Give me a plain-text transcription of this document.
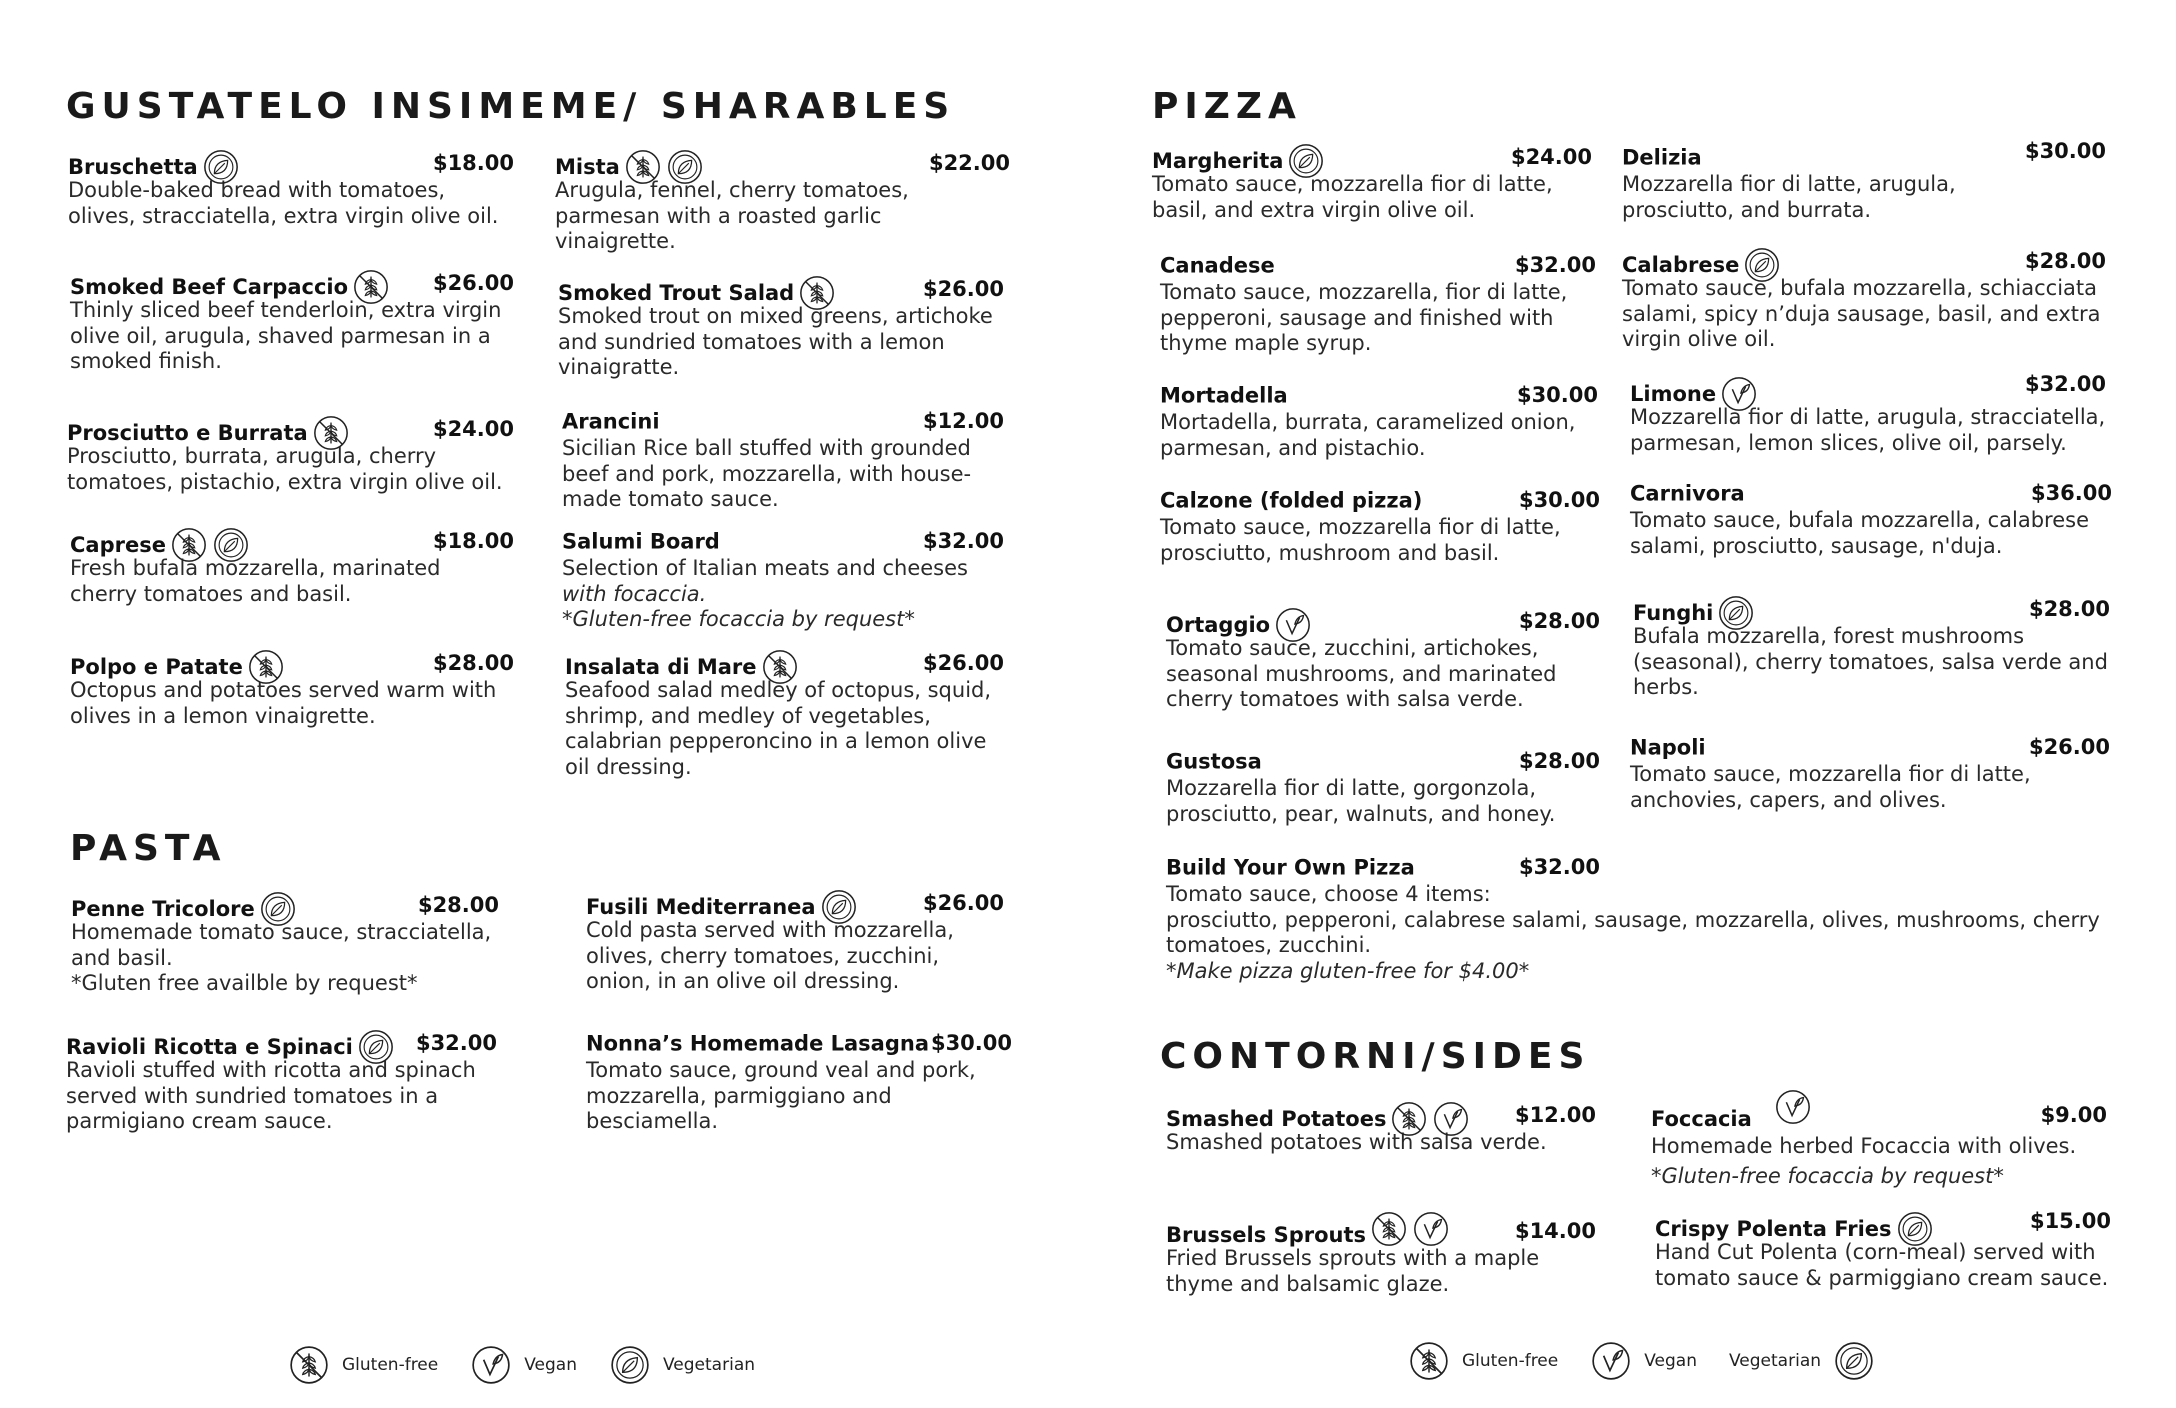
GUSTATELO INSIMEME/ SHARABLES	PIZZA
PASTA
CONTORNI/SIDES
Bruschetta	$18.00
Double-baked bread with tomatoes, olives, stracciatella, extra virgin olive oil.
Mista	$22.00
Arugula, fennel, cherry tomatoes, parmesan with a roasted garlic vinaigrette.
Smoked Beef Carpaccio	$26.00
Thinly sliced beef tenderloin, extra virgin olive oil, arugula, shaved parmesan in a smoked finish.
Smoked Trout Salad	$26.00
Smoked trout on mixed greens, artichoke and sundried tomatoes with a lemon vinaigratte.
Prosciutto e Burrata	$24.00
Prosciutto, burrata, arugula, cherry tomatoes, pistachio, extra virgin olive oil.
Arancini	$12.00
Sicilian Rice ball stuffed with grounded beef and pork, mozzarella, with house-made tomato sauce.
Caprese	$18.00
Fresh bufala mozzarella, marinated cherry tomatoes and basil.
Salumi Board	$32.00
Selection of Italian meats and cheeses
with focaccia.
*Gluten-free focaccia by request*
Polpo e Patate	$28.00
Octopus and potatoes served warm with olives in a lemon vinaigrette.
Insalata di Mare	$26.00
Seafood salad medley of octopus, squid, shrimp, and medley of vegetables, calabrian pepperoncino in a lemon olive oil dressing.
Penne Tricolore	$28.00
Homemade tomato sauce, stracciatella, and basil.
*Gluten free availble by request*
Fusili Mediterranea	$26.00
Cold pasta served with mozzarella, olives, cherry tomatoes, zucchini, onion, in an olive oil dressing.
Ravioli Ricotta e Spinaci	$32.00
Ravioli stuffed with ricotta and spinach served with sundried tomatoes in a parmigiano cream sauce.
Nonna’s Homemade Lasagna $30.00
Tomato sauce, ground veal and pork, mozzarella, parmiggiano and besciamella.
Margherita	$24.00
Tomato sauce, mozzarella fior di latte, basil, and extra virgin olive oil.
Canadese	$32.00
Tomato sauce, mozzarella, fior di latte, pepperoni, sausage and finished with thyme maple syrup.
Mortadella	$30.00
Mortadella, burrata, caramelized onion, parmesan, and pistachio.
Calzone (folded pizza)	$30.00
Tomato sauce, mozzarella fior di latte, prosciutto, mushroom and basil.
Ortaggio	$28.00
Tomato sauce, zucchini, artichokes, seasonal mushrooms, and marinated cherry tomatoes with salsa verde.
Gustosa	$28.00
Mozzarella fior di latte, gorgonzola, prosciutto, pear, walnuts, and honey.
Build Your Own Pizza	$32.00
Tomato sauce, choose 4 items:
prosciutto, pepperoni, calabrese salami, sausage, mozzarella, olives, mushrooms, cherry tomatoes, zucchini.
*Make pizza gluten-free for $4.00*
Delizia	$30.00
Mozzarella fior di latte, arugula, prosciutto, and burrata.
Calabrese	$28.00
Tomato sauce, bufala mozzarella, schiacciata salami, spicy n’duja sausage, basil, and extra virgin olive oil.
Limone	$32.00
Mozzarella fior di latte, arugula, stracciatella, parmesan, lemon slices, olive oil, parsely.
Carnivora	$36.00
Tomato sauce, bufala mozzarella, calabrese salami, prosciutto, sausage, n'duja.
Funghi	$28.00
Bufala mozzarella, forest mushrooms (seasonal), cherry tomatoes, salsa verde and herbs.
Napoli	$26.00
Tomato sauce, mozzarella fior di latte, anchovies, capers, and olives.
Smashed Potatoes	$12.00
Smashed potatoes with salsa verde.
Foccacia	$9.00
Homemade herbed Focaccia with olives.
*Gluten-free focaccia by request*
Brussels Sprouts	$14.00
Fried Brussels sprouts with a maple thyme and balsamic glaze.
Crispy Polenta Fries	$15.00
Hand Cut Polenta (corn-meal) served with tomato sauce & parmiggiano cream sauce.
Gluten-free	Vegan	Vegetarian	Gluten-free	Vegan Vegetarian
